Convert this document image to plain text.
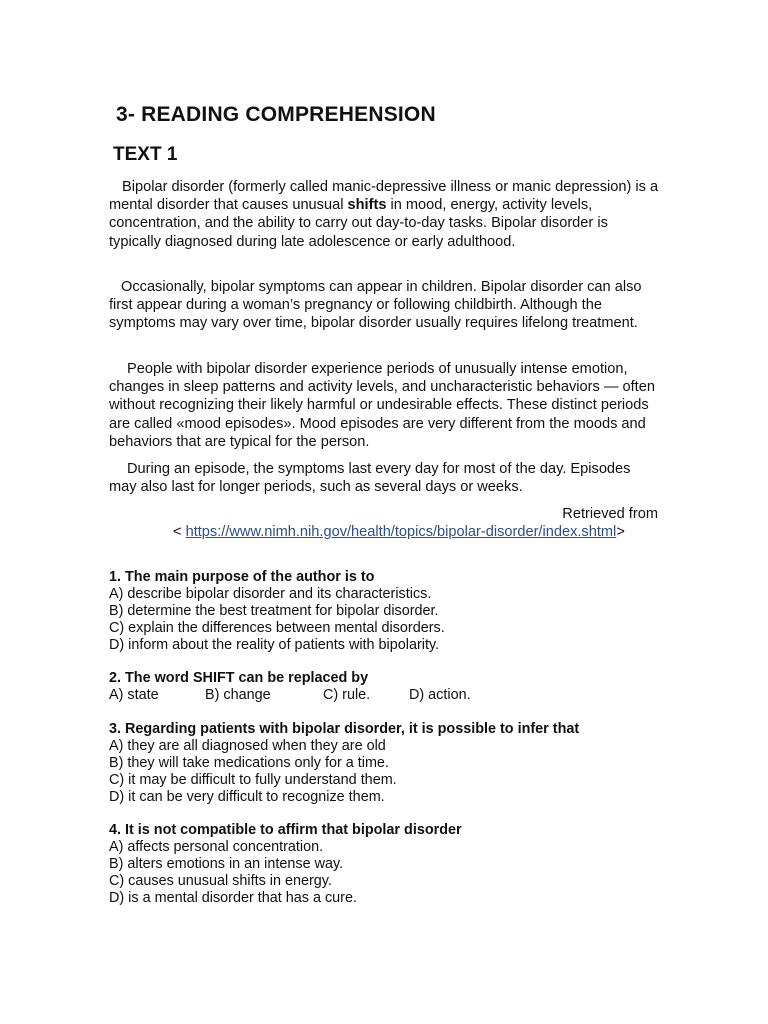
3- READING COMPREHENSION
TEXT 1

Bipolar disorder (formerly called manic-depressive illness or manic depression) is a mental disorder that causes unusual shifts in mood, energy, activity levels, concentration, and the ability to carry out day-to-day tasks. Bipolar disorder is typically diagnosed during late adolescence or early adulthood.

Occasionally, bipolar symptoms can appear in children. Bipolar disorder can also first appear during a woman’s pregnancy or following childbirth. Although the symptoms may vary over time, bipolar disorder usually requires lifelong treatment.

People with bipolar disorder experience periods of unusually intense emotion, changes in sleep patterns and activity levels, and uncharacteristic behaviors — often without recognizing their likely harmful or undesirable effects. These distinct periods are called «mood episodes». Mood episodes are very different from the moods and behaviors that are typical for the person.

During an episode, the symptoms last every day for most of the day. Episodes may also last for longer periods, such as several days or weeks.

Retrieved from

< https://www.nimh.nih.gov/health/topics/bipolar-disorder/index.shtml>

1. The main purpose of the author is to

A) describe bipolar disorder and its characteristics.

B) determine the best treatment for bipolar disorder.

C) explain the differences between mental disorders.

D) inform about the reality of patients with bipolarity.

2. The word SHIFT can be replaced by

A) state	B) change	C) rule.	D) action.

3. Regarding patients with bipolar disorder, it is possible to infer that

A) they are all diagnosed when they are old

B) they will take medications only for a time.

C) it may be difficult to fully understand them.

D) it can be very difficult to recognize them.

4. It is not compatible to affirm that bipolar disorder

A) affects personal concentration.

B) alters emotions in an intense way.

C) causes unusual shifts in energy.

D) is a mental disorder that has a cure.
